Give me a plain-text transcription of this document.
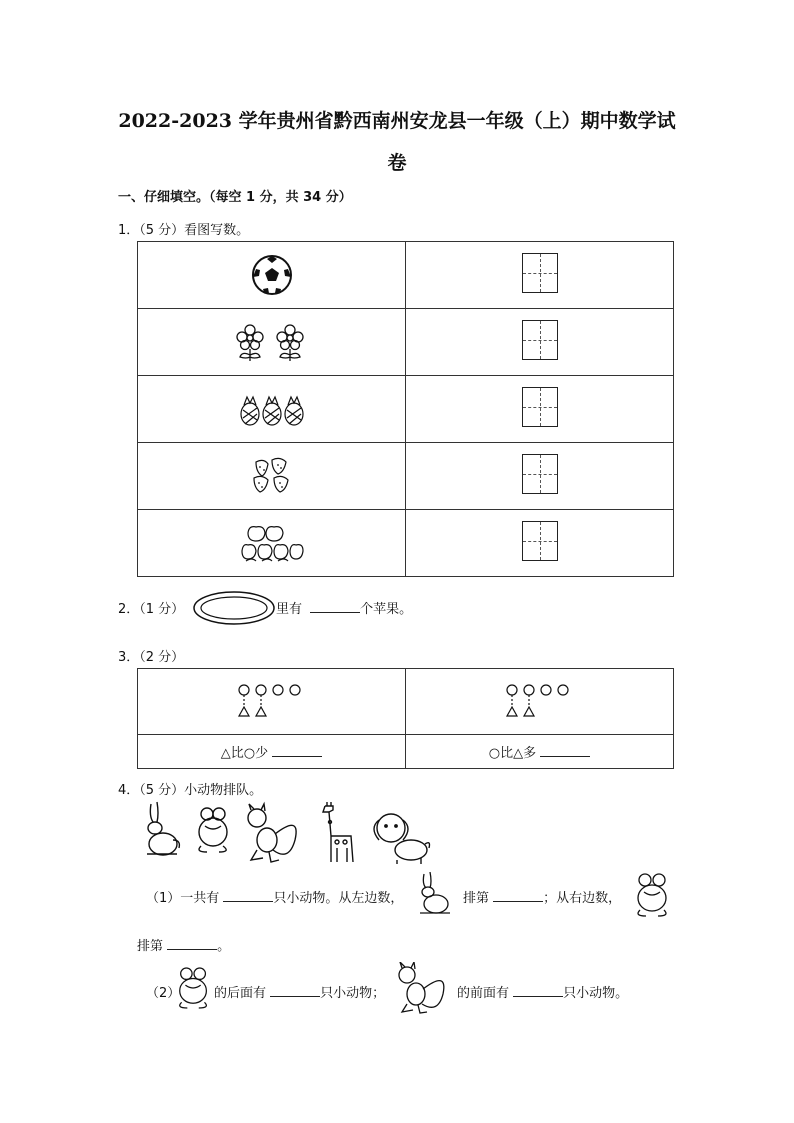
2022-2023 学年贵州省黔西南州安龙县一年级（上）期中数学试
卷
一、仔细填空。（每空 1 分，共 34 分）
1．（5 分）看图写数。

2．（1 分）	里有	个苹果。
3．（2 分）

△比○少	○比△多
4．（5 分）小动物排队。
（1）一共有	只小动物。从左边数，	排第	；从右边数，
排第	。
（2）	的后面有	只小动物；	的前面有	只小动物。
